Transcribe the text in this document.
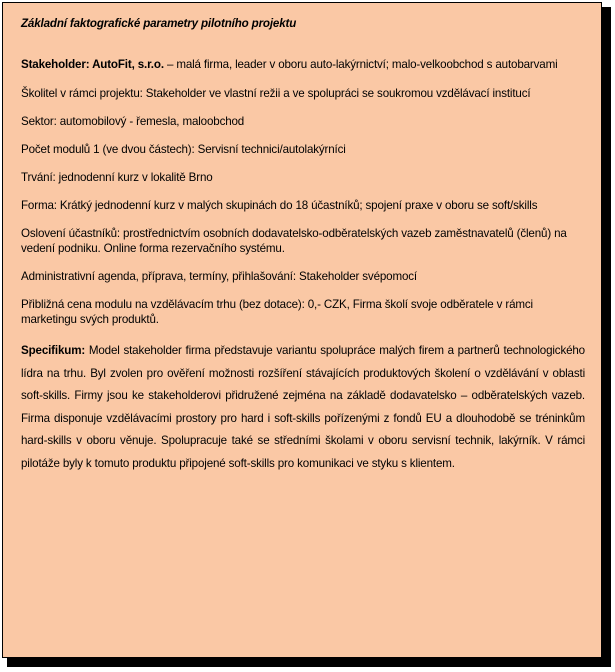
Základní faktografické parametry pilotního projektu

Stakeholder: AutoFit, s.r.o. – malá firma, leader v oboru auto-lakýrnictví; malo-velkoobchod s autobarvami

Školitel v rámci projektu: Stakeholder ve vlastní režii a ve spolupráci se soukromou vzdělávací institucí

Sektor: automobilový - řemesla, maloobchod

Počet modulů 1 (ve dvou částech): Servisní technici/autolakýrníci

Trvání: jednodenní kurz v lokalitě Brno

Forma: Krátký jednodenní kurz v malých skupinách do 18 účastníků; spojení praxe v oboru se soft/skills

Oslovení účastníků: prostřednictvím osobních dodavatelsko-odběratelských vazeb zaměstnavatelů (členů) na vedení podniku. Online forma rezervačního systému.

Administrativní agenda, příprava, termíny, přihlašování: Stakeholder svépomocí

Přibližná cena modulu na vzdělávacím trhu (bez dotace): 0,- CZK, Firma školí svoje odběratele v rámci marketingu svých produktů.

Specifikum: Model stakeholder firma představuje variantu spolupráce malých firem a partnerů technologického lídra na trhu. Byl zvolen pro ověření možnosti rozšíření stávajících produktových školení o vzdělávání v oblasti soft-skills. Firmy jsou ke stakeholderovi přidružené zejména na základě dodavatelsko – odběratelských vazeb. Firma disponuje vzdělávacími prostory pro hard i soft-skills pořízenými z fondů EU a dlouhodobě se tréninkům hard-skills v oboru věnuje. Spolupracuje také se středními školami v oboru servisní technik, lakýrník. V rámci pilotáže byly k tomuto produktu připojené soft-skills pro komunikaci ve styku s klientem.
